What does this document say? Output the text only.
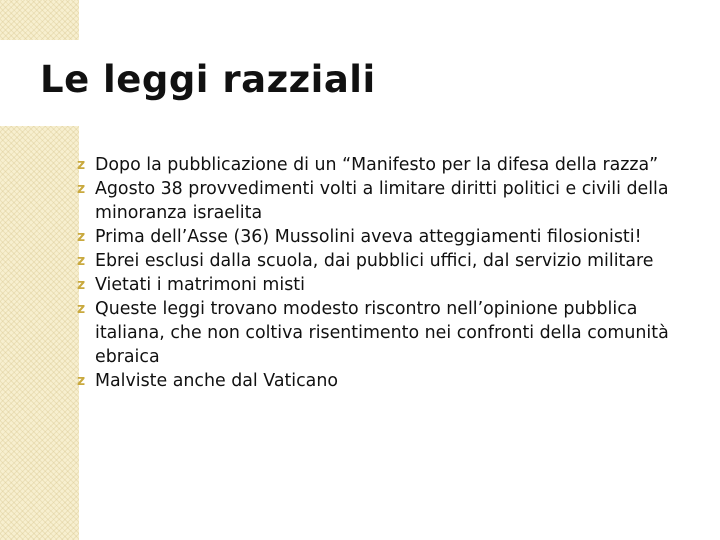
Le leggi razziali
z Dopo la pubblicazione di un “Manifesto per la difesa della razza”
z Agosto 38 provvedimenti volti a limitare diritti politici e civili della minoranza israelita
z Prima dell’Asse (36) Mussolini aveva atteggiamenti filosionisti!
z Ebrei esclusi dalla scuola, dai pubblici uffici, dal servizio militare
z Vietati i matrimoni misti
z Queste leggi trovano modesto riscontro nell’opinione pubblica italiana, che non coltiva risentimento nei confronti della comunità ebraica
z Malviste anche dal Vaticano
